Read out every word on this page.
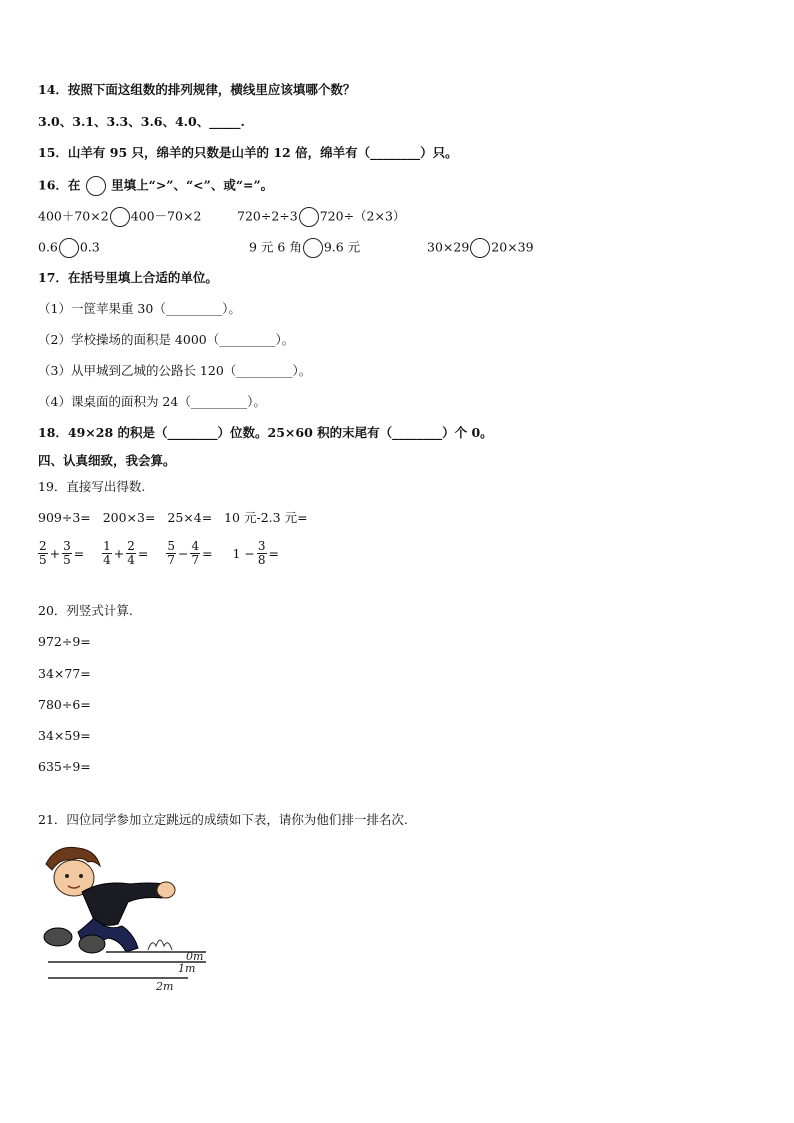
14．按照下面这组数的排列规律，横线里应该填哪个数？
3.0、3.1、3.3、3.6、4.0、_____.
15．山羊有 95 只，绵羊的只数是山羊的 12 倍，绵羊有（________）只。
16．在 里填上“>”、“<”、或“=”。
400＋70×2 400－70×2	720÷2÷3 720÷（2×3）
0.6 0.3	9 元 6 角 9.6 元	30×29 20×39
17．在括号里填上合适的单位。
（1）一筐苹果重 30（_________）。
（2）学校操场的面积是 4000（_________）。
（3）从甲城到乙城的公路长 120（_________）。
（4）课桌面的面积为 24（_________）。
18．49×28 的积是（________）位数。25×60 积的末尾有（________）个 0。
四、认真细致，我会算。
19．直接写出得数.
909÷3= 200×3= 25×4= 10 元-2.3 元=
$\frac{2}{5} + \frac{3}{5} = \frac{1}{4} + \frac{2}{4} = \frac{5}{7} - \frac{4}{7} = 1 - \frac{3}{8}$ =
20．列竖式计算.
972÷9=
34×77=
780÷6=
34×59=
635÷9=
21．四位同学参加立定跳远的成绩如下表，请你为他们排一排名次.
0m
1m
2m
